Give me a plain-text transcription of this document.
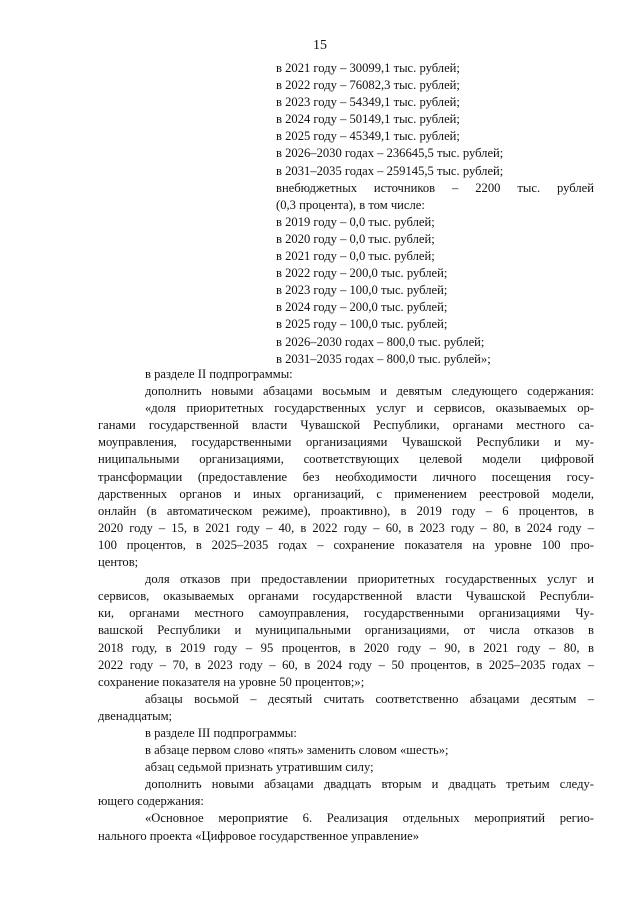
15
в 2021 году – 30099,1 тыс. рублей;
в 2022 году – 76082,3 тыс. рублей;
в 2023 году – 54349,1 тыс. рублей;
в 2024 году – 50149,1 тыс. рублей;
в 2025 году – 45349,1 тыс. рублей;
в 2026–2030 годах – 236645,5 тыс. рублей;
в 2031–2035 годах – 259145,5 тыс. рублей;
внебюджетных источников – 2200 тыс. рублей
(0,3 процента), в том числе:
в 2019 году – 0,0 тыс. рублей;
в 2020 году – 0,0 тыс. рублей;
в 2021 году – 0,0 тыс. рублей;
в 2022 году – 200,0 тыс. рублей;
в 2023 году – 100,0 тыс. рублей;
в 2024 году – 200,0 тыс. рублей;
в 2025 году – 100,0 тыс. рублей;
в 2026–2030 годах – 800,0 тыс. рублей;
в 2031–2035 годах – 800,0 тыс. рублей»;
в разделе II подпрограммы:
дополнить новыми абзацами восьмым и девятым следующего содержания:
«доля приоритетных государственных услуг и сервисов, оказываемых ор-
ганами государственной власти Чувашской Республики, органами местного са-
моуправления, государственными организациями Чувашской Республики и му-
ниципальными организациями, соответствующих целевой модели цифровой
трансформации (предоставление без необходимости личного посещения госу-
дарственных органов и иных организаций, с применением реестровой модели,
онлайн (в автоматическом режиме), проактивно), в 2019 году – 6 процентов, в
2020 году – 15, в 2021 году – 40, в 2022 году – 60, в 2023 году – 80, в 2024 году –
100 процентов, в 2025–2035 годах – сохранение показателя на уровне 100 про-
центов;
доля отказов при предоставлении приоритетных государственных услуг и
сервисов, оказываемых органами государственной власти Чувашской Республи-
ки, органами местного самоуправления, государственными организациями Чу-
вашской Республики и муниципальными организациями, от числа отказов в
2018 году, в 2019 году – 95 процентов, в 2020 году – 90, в 2021 году – 80, в
2022 году – 70, в 2023 году – 60, в 2024 году – 50 процентов, в 2025–2035 годах –
сохранение показателя на уровне 50 процентов;»;
абзацы восьмой – десятый считать соответственно абзацами десятым –
двенадцатым;
в разделе III подпрограммы:
в абзаце первом слово «пять» заменить словом «шесть»;
абзац седьмой признать утратившим силу;
дополнить новыми абзацами двадцать вторым и двадцать третьим следу-
ющего содержания:
«Основное мероприятие 6. Реализация отдельных мероприятий регио-
нального проекта «Цифровое государственное управление»
